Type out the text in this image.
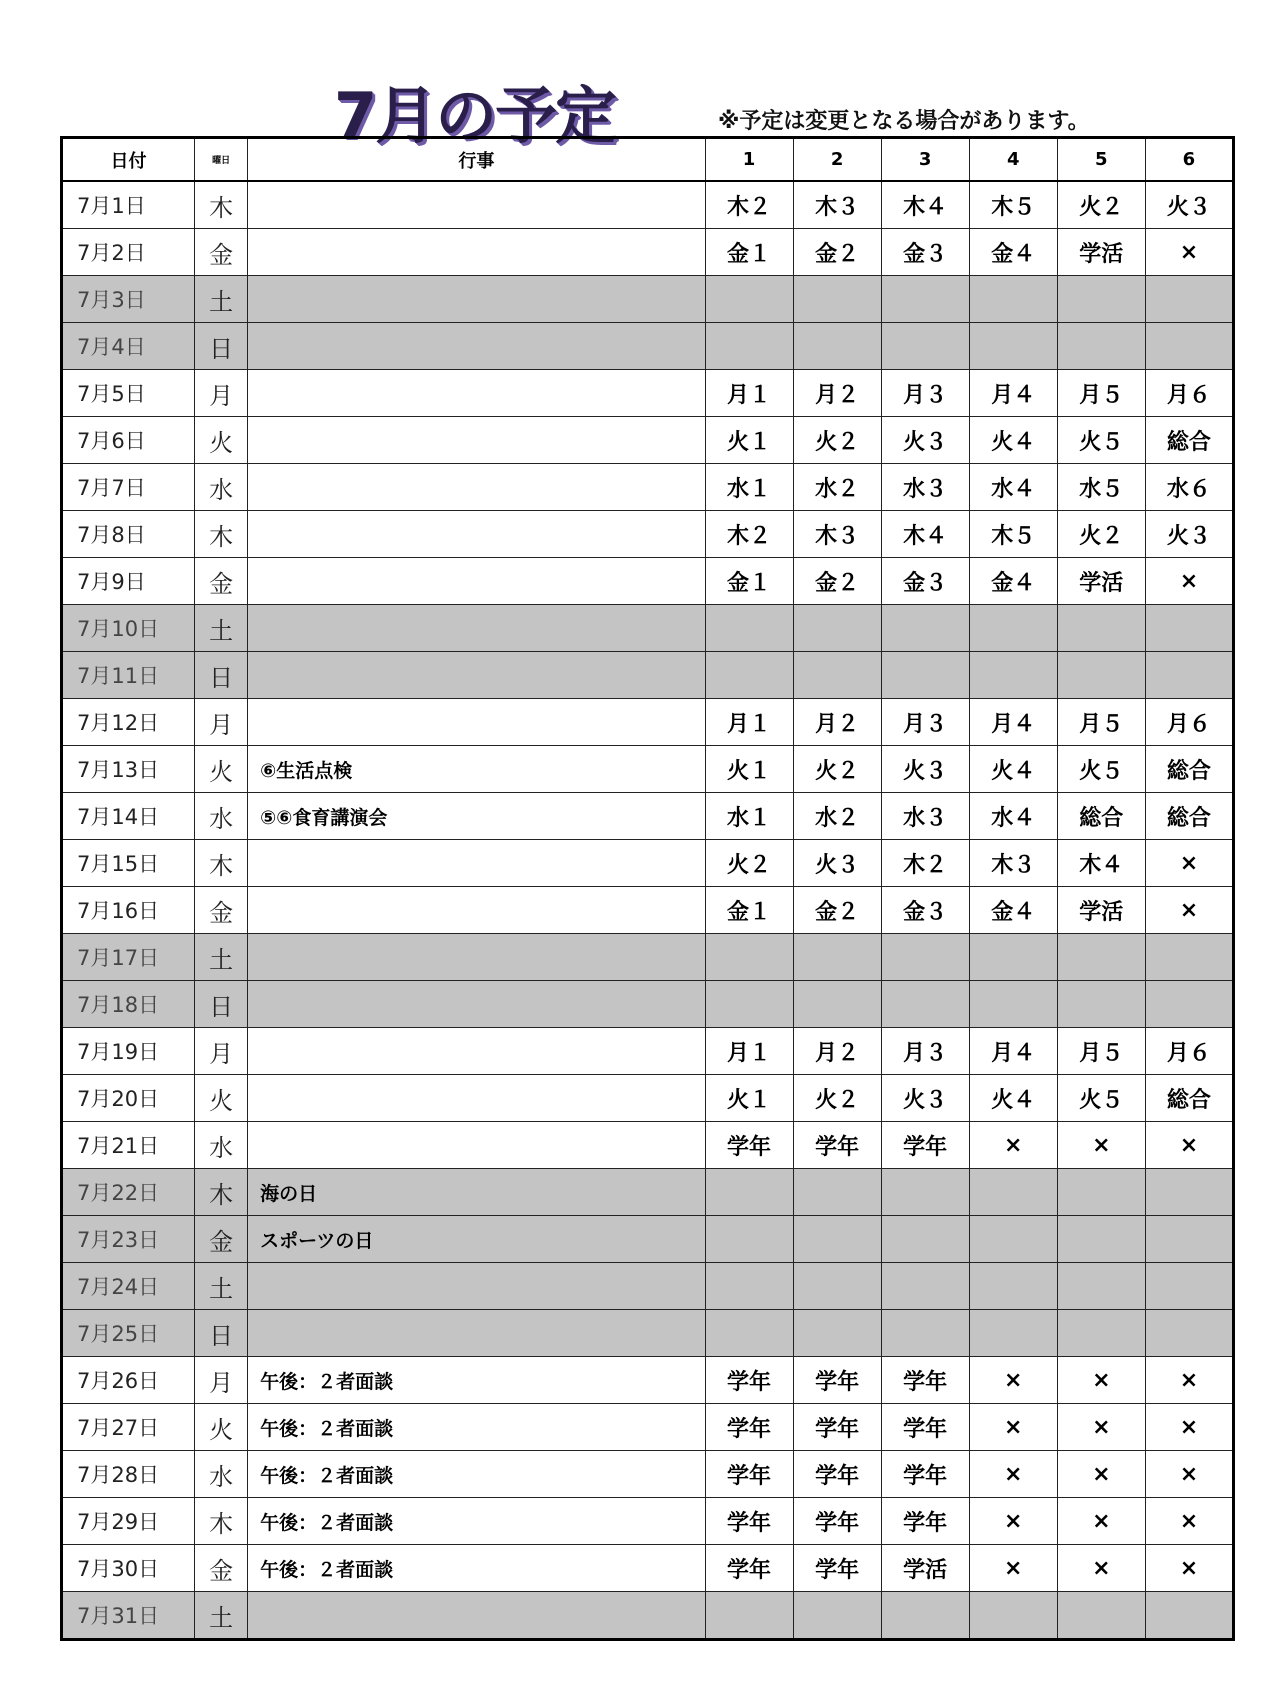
7月の予定	※予定は変更となる場合があります。
日付	曜日	行事	1	2	3	4	5	6
7月1日	木		木２	木３	木４	木５	火２	火３
7月2日	金		金１	金２	金３	金４	学活	×
7月3日	土							
7月4日	日							
7月5日	月		月１	月２	月３	月４	月５	月６
7月6日	火		火１	火２	火３	火４	火５	総合
7月7日	水		水１	水２	水３	水４	水５	水６
7月8日	木		木２	木３	木４	木５	火２	火３
7月9日	金		金１	金２	金３	金４	学活	×
7月10日	土							
7月11日	日							
7月12日	月		月１	月２	月３	月４	月５	月６
7月13日	火	⑥生活点検	火１	火２	火３	火４	火５	総合
7月14日	水	⑤⑥食育講演会	水１	水２	水３	水４	総合	総合
7月15日	木		火２	火３	木２	木３	木４	×
7月16日	金		金１	金２	金３	金４	学活	×
7月17日	土							
7月18日	日							
7月19日	月		月１	月２	月３	月４	月５	月６
7月20日	火		火１	火２	火３	火４	火５	総合
7月21日	水		学年	学年	学年	×	×	×
7月22日	木	海の日						
7月23日	金	スポーツの日						
7月24日	土							
7月25日	日							
7月26日	月	午後：２者面談	学年	学年	学年	×	×	×
7月27日	火	午後：２者面談	学年	学年	学年	×	×	×
7月28日	水	午後：２者面談	学年	学年	学年	×	×	×
7月29日	木	午後：２者面談	学年	学年	学年	×	×	×
7月30日	金	午後：２者面談	学年	学年	学活	×	×	×
7月31日	土							
